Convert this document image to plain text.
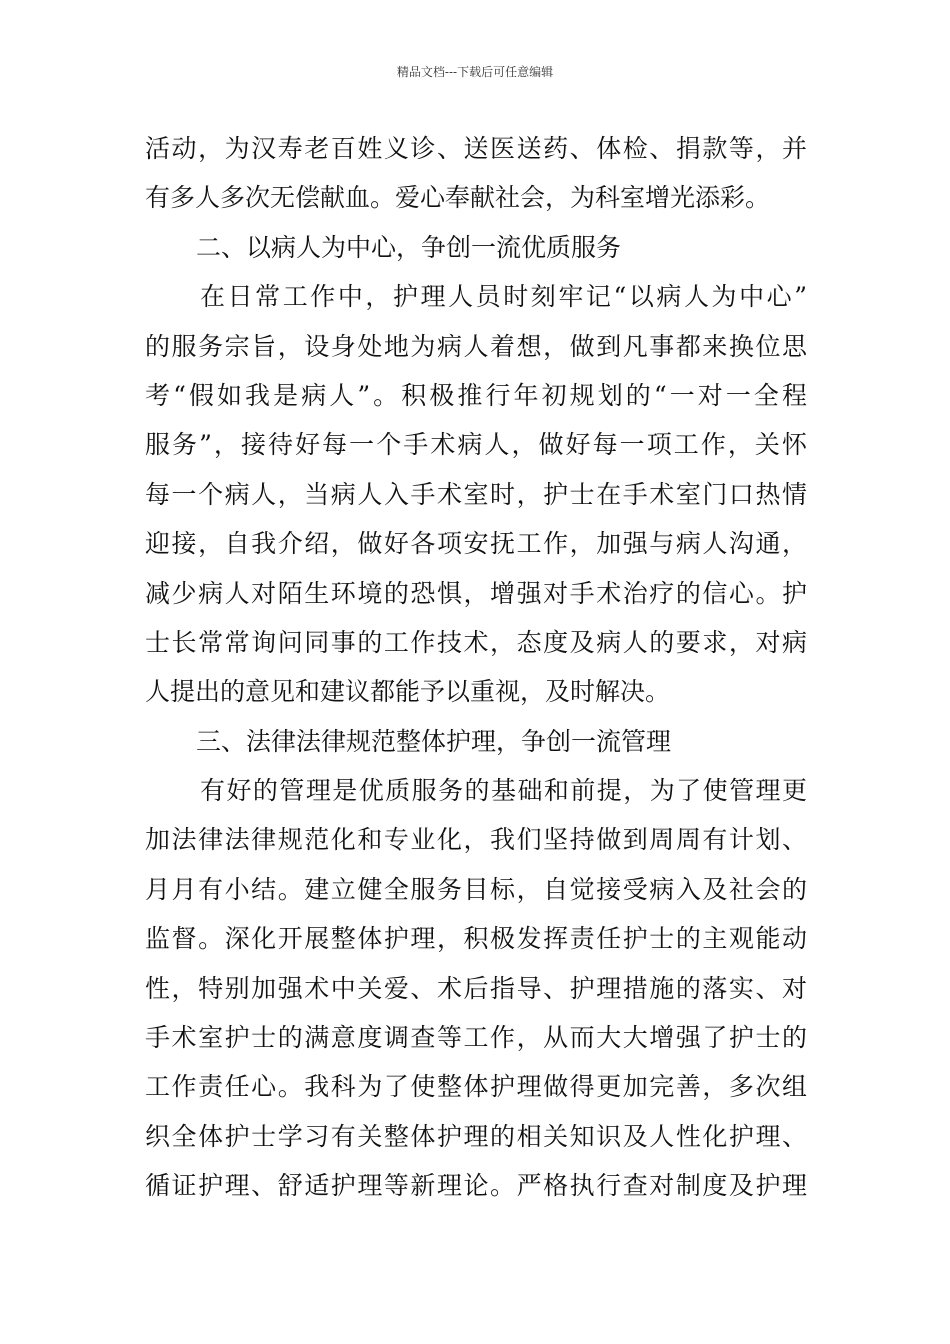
精品文档---下载后可任意编辑
活动，为汉寿老百姓义诊、送医送药、体检、捐款等，并
有多人多次无偿献血。爱心奉献社会，为科室增光添彩。
二、以病人为中心，争创一流优质服务
在日常工作中，护理人员时刻牢记“以病人为中心”
的服务宗旨，设身处地为病人着想，做到凡事都来换位思
考“假如我是病人”。积极推行年初规划的“一对一全程
服务”，接待好每一个手术病人，做好每一项工作，关怀
每一个病人，当病人入手术室时，护士在手术室门口热情
迎接，自我介绍，做好各项安抚工作，加强与病人沟通，
减少病人对陌生环境的恐惧，增强对手术治疗的信心。护
士长常常询问同事的工作技术，态度及病人的要求，对病
人提出的意见和建议都能予以重视，及时解决。
三、法律法律规范整体护理，争创一流管理
有好的管理是优质服务的基础和前提，为了使管理更
加法律法律规范化和专业化，我们坚持做到周周有计划、
月月有小结。建立健全服务目标，自觉接受病入及社会的
监督。深化开展整体护理，积极发挥责任护士的主观能动
性，特别加强术中关爱、术后指导、护理措施的落实、对
手术室护士的满意度调查等工作，从而大大增强了护士的
工作责任心。我科为了使整体护理做得更加完善，多次组
织全体护士学习有关整体护理的相关知识及人性化护理、
循证护理、舒适护理等新理论。严格执行查对制度及护理
